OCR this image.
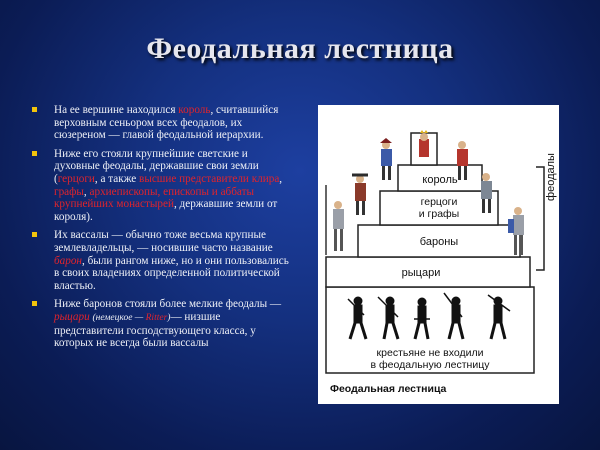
Феодальная лестница
На ее вершине находился король, считавшийся верховным сеньором всех феодалов, их сюзереном — главой феодальной иерархии.
Ниже его стояли крупнейшие светские и духовные феодалы, державшие свои земли (герцоги, а также высшие представители клира, графы, архиепископы, епископы и аббаты крупнейших монастырей, державшие земли от короля).
Их вассалы — обычно тоже весьма крупные землевладельцы, — носившие часто название барон, были рангом ниже, но и они пользовались в своих владениях определенной политической властью.
Ниже баронов стояли более мелкие феодалы — рыцари (немецкое — Ritter)— низшие представители господствующего класса, у которых не всегда были вассалы
король
герцоги
и графы
бароны
рыцари
крестьяне не входили
в феодальную лестницу
Феодальная лестница
феодалы
